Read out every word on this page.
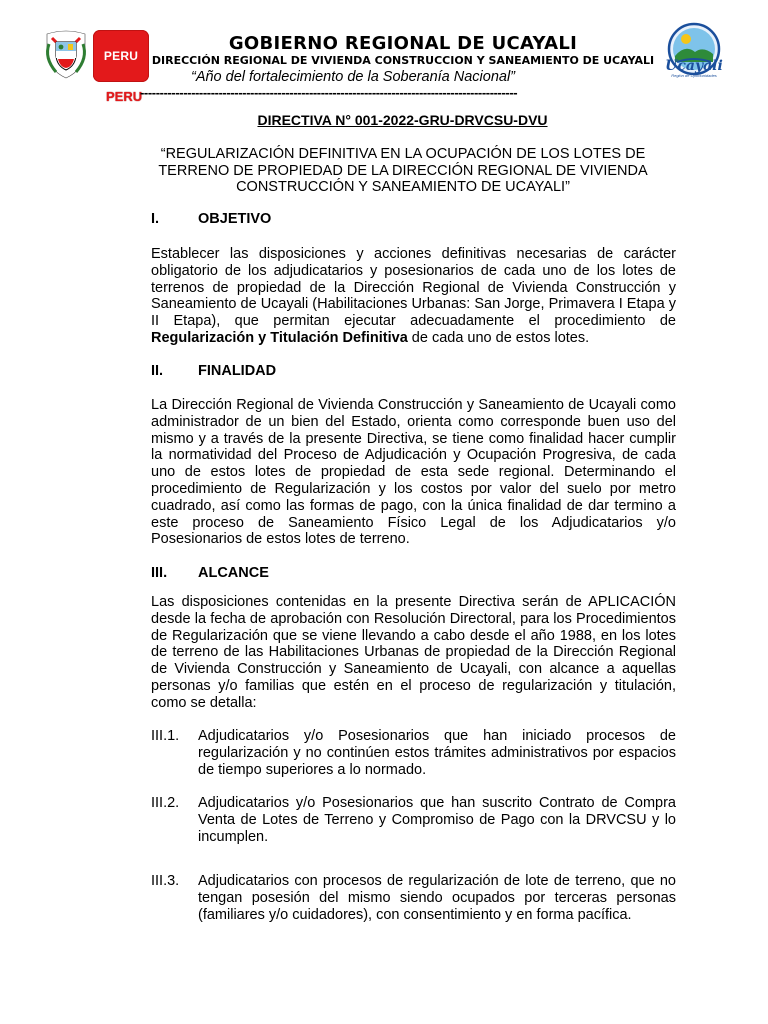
PERU
PERU
Ucayali
Región de Oportunidades
GOBIERNO REGIONAL DE UCAYALI
DIRECCIÓN REGIONAL DE VIVIENDA CONSTRUCCION Y SANEAMIENTO DE UCAYALI
“Año del fortalecimiento de la Soberanía Nacional”
------------------------------------------------------------------------------------------------
DIRECTIVA N° 001-2022-GRU-DRVCSU-DVU
“REGULARIZACIÓN DEFINITIVA EN LA OCUPACIÓN DE LOS LOTES DE TERRENO DE PROPIEDAD DE LA DIRECCIÓN REGIONAL DE VIVIENDA CONSTRUCCIÓN Y SANEAMIENTO DE UCAYALI”
I.	OBJETIVO
Establecer las disposiciones y acciones definitivas necesarias de carácter obligatorio de los adjudicatarios y posesionarios de cada uno de los lotes de terrenos de propiedad de la Dirección Regional de Vivienda Construcción y Saneamiento de Ucayali (Habilitaciones Urbanas: San Jorge, Primavera I Etapa y II Etapa), que permitan ejecutar adecuadamente el procedimiento de Regularización y Titulación Definitiva de cada uno de estos lotes.
II. FINALIDAD
La Dirección Regional de Vivienda Construcción y Saneamiento de Ucayali como administrador de un bien del Estado, orienta como corresponde buen uso del mismo y a través de la presente Directiva, se tiene como finalidad hacer cumplir la normatividad del Proceso de Adjudicación y Ocupación Progresiva, de cada uno de estos lotes de propiedad de esta sede regional. Determinando el procedimiento de Regularización y los costos por valor del suelo por metro cuadrado, así como las formas de pago, con la única finalidad de dar termino a este proceso de Saneamiento Físico Legal de los Adjudicatarios y/o Posesionarios de estos lotes de terreno.
III. ALCANCE
Las disposiciones contenidas en la presente Directiva serán de APLICACIÓN desde la fecha de aprobación con Resolución Directoral, para los Procedimientos de Regularización que se viene llevando a cabo desde el año 1988, en los lotes de terreno de las Habilitaciones Urbanas de propiedad de la Dirección Regional de Vivienda Construcción y Saneamiento de Ucayali, con alcance a aquellas personas y/o familias que estén en el proceso de regularización y titulación, como se detalla:
III.1.	Adjudicatarios y/o Posesionarios que han iniciado procesos de regularización y no continúen estos trámites administrativos por espacios de tiempo superiores a lo normado.
III.2.	Adjudicatarios y/o Posesionarios que han suscrito Contrato de Compra Venta de Lotes de Terreno y Compromiso de Pago con la DRVCSU y lo incumplen.
III.3.	Adjudicatarios con procesos de regularización de lote de terreno, que no tengan posesión del mismo siendo ocupados por terceras personas (familiares y/o cuidadores), con consentimiento y en forma pacífica.
